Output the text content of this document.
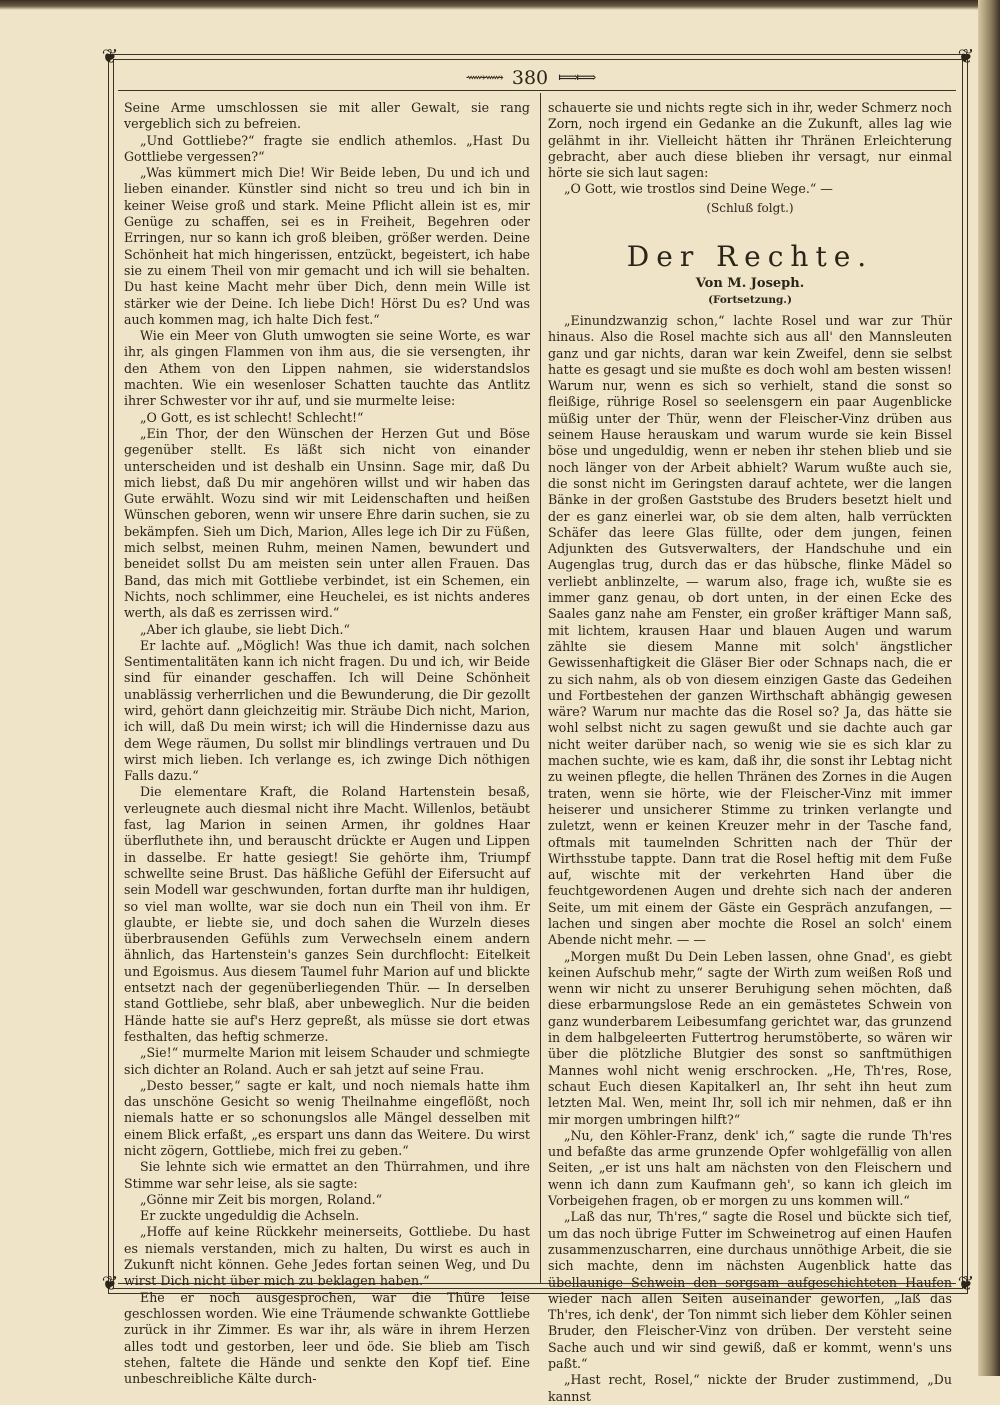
❦	❦
❦	❦
⟿⟿ 380 ⟾⟾

Seine Arme umschlossen sie mit aller Gewalt, sie rang vergeblich sich zu befreien.

„Und Gottliebe?“ fragte sie endlich athemlos. „Hast Du Gottliebe vergessen?“

„Was kümmert mich Die! Wir Beide leben, Du und ich und lieben einander. Künstler sind nicht so treu und ich bin in keiner Weise groß und stark. Meine Pflicht allein ist es, mir Genüge zu schaffen, sei es in Freiheit, Begehren oder Erringen, nur so kann ich groß bleiben, größer werden. Deine Schönheit hat mich hingerissen, entzückt, begeistert, ich habe sie zu einem Theil von mir gemacht und ich will sie behalten. Du hast keine Macht mehr über Dich, denn mein Wille ist stärker wie der Deine. Ich liebe Dich! Hörst Du es? Und was auch kommen mag, ich halte Dich fest.“

Wie ein Meer von Gluth umwogten sie seine Worte, es war ihr, als gingen Flammen von ihm aus, die sie versengten, ihr den Athem von den Lippen nahmen, sie widerstandslos machten. Wie ein wesenloser Schatten tauchte das Antlitz ihrer Schwester vor ihr auf, und sie murmelte leise:

„O Gott, es ist schlecht! Schlecht!“

„Ein Thor, der den Wünschen der Herzen Gut und Böse gegenüber stellt. Es läßt sich nicht von einander unterscheiden und ist deshalb ein Unsinn. Sage mir, daß Du mich liebst, daß Du mir angehören willst und wir haben das Gute erwählt. Wozu sind wir mit Leidenschaften und heißen Wünschen geboren, wenn wir unsere Ehre darin suchen, sie zu bekämpfen. Sieh um Dich, Marion, Alles lege ich Dir zu Füßen, mich selbst, meinen Ruhm, meinen Namen, bewundert und beneidet sollst Du am meisten sein unter allen Frauen. Das Band, das mich mit Gottliebe verbindet, ist ein Schemen, ein Nichts, noch schlimmer, eine Heuchelei, es ist nichts anderes werth, als daß es zerrissen wird.“

„Aber ich glaube, sie liebt Dich.“

Er lachte auf. „Möglich! Was thue ich damit, nach solchen Sentimentalitäten kann ich nicht fragen. Du und ich, wir Beide sind für einander geschaffen. Ich will Deine Schönheit unablässig verherrlichen und die Bewunderung, die Dir gezollt wird, gehört dann gleichzeitig mir. Sträube Dich nicht, Marion, ich will, daß Du mein wirst; ich will die Hindernisse dazu aus dem Wege räumen, Du sollst mir blindlings vertrauen und Du wirst mich lieben. Ich verlange es, ich zwinge Dich nöthigen Falls dazu.“

Die elementare Kraft, die Roland Hartenstein besaß, verleugnete auch diesmal nicht ihre Macht. Willenlos, betäubt fast, lag Marion in seinen Armen, ihr goldnes Haar überfluthete ihn, und berauscht drückte er Augen und Lippen in dasselbe. Er hatte gesiegt! Sie gehörte ihm, Triumpf schwellte seine Brust. Das häßliche Gefühl der Eifersucht auf sein Modell war geschwunden, fortan durfte man ihr huldigen, so viel man wollte, war sie doch nun ein Theil von ihm. Er glaubte, er liebte sie, und doch sahen die Wurzeln dieses überbrausenden Gefühls zum Verwechseln einem andern ähnlich, das Hartenstein's ganzes Sein durchflocht: Eitelkeit und Egoismus. Aus diesem Taumel fuhr Marion auf und blickte entsetzt nach der gegenüberliegenden Thür. — In derselben stand Gottliebe, sehr blaß, aber unbeweglich. Nur die beiden Hände hatte sie auf's Herz gepreßt, als müsse sie dort etwas festhalten, das heftig schmerze.

„Sie!“ murmelte Marion mit leisem Schauder und schmiegte sich dichter an Roland. Auch er sah jetzt auf seine Frau.

„Desto besser,“ sagte er kalt, und noch niemals hatte ihm das unschöne Gesicht so wenig Theilnahme eingeflößt, noch niemals hatte er so schonungslos alle Mängel desselben mit einem Blick erfaßt, „es erspart uns dann das Weitere. Du wirst nicht zögern, Gottliebe, mich frei zu geben.“

Sie lehnte sich wie ermattet an den Thürrahmen, und ihre Stimme war sehr leise, als sie sagte:

„Gönne mir Zeit bis morgen, Roland.“

Er zuckte ungeduldig die Achseln.

„Hoffe auf keine Rückkehr meinerseits, Gottliebe. Du hast es niemals verstanden, mich zu halten, Du wirst es auch in Zukunft nicht können. Gehe Jedes fortan seinen Weg, und Du wirst Dich nicht über mich zu beklagen haben.“

Ehe er noch ausgesprochen, war die Thüre leise geschlossen worden. Wie eine Träumende schwankte Gottliebe zurück in ihr Zimmer. Es war ihr, als wäre in ihrem Herzen alles todt und gestorben, leer und öde. Sie blieb am Tisch stehen, faltete die Hände und senkte den Kopf tief. Eine unbeschreibliche Kälte durch-

schauerte sie und nichts regte sich in ihr, weder Schmerz noch Zorn, noch irgend ein Gedanke an die Zukunft, alles lag wie gelähmt in ihr. Vielleicht hätten ihr Thränen Erleichterung gebracht, aber auch diese blieben ihr versagt, nur einmal hörte sie sich laut sagen:

„O Gott, wie trostlos sind Deine Wege.“ —

(Schluß folgt.)
Der Rechte.
Von M. Joseph.
(Fortsetzung.)

„Einundzwanzig schon,“ lachte Rosel und war zur Thür hinaus. Also die Rosel machte sich aus all' den Mannsleuten ganz und gar nichts, daran war kein Zweifel, denn sie selbst hatte es gesagt und sie mußte es doch wohl am besten wissen! Warum nur, wenn es sich so verhielt, stand die sonst so fleißige, rührige Rosel so seelensgern ein paar Augenblicke müßig unter der Thür, wenn der Fleischer-Vinz drüben aus seinem Hause herauskam und warum wurde sie kein Bissel böse und ungeduldig, wenn er neben ihr stehen blieb und sie noch länger von der Arbeit abhielt? Warum wußte auch sie, die sonst nicht im Geringsten darauf achtete, wer die langen Bänke in der großen Gaststube des Bruders besetzt hielt und der es ganz einerlei war, ob sie dem alten, halb verrückten Schäfer das leere Glas füllte, oder dem jungen, feinen Adjunkten des Gutsverwalters, der Handschuhe und ein Augenglas trug, durch das er das hübsche, flinke Mädel so verliebt anblinzelte, — warum also, frage ich, wußte sie es immer ganz genau, ob dort unten, in der einen Ecke des Saales ganz nahe am Fenster, ein großer kräftiger Mann saß, mit lichtem, krausen Haar und blauen Augen und warum zählte sie diesem Manne mit solch' ängstlicher Gewissenhaftigkeit die Gläser Bier oder Schnaps nach, die er zu sich nahm, als ob von diesem einzigen Gaste das Gedeihen und Fortbestehen der ganzen Wirthschaft abhängig gewesen wäre? Warum nur machte das die Rosel so? Ja, das hätte sie wohl selbst nicht zu sagen gewußt und sie dachte auch gar nicht weiter darüber nach, so wenig wie sie es sich klar zu machen suchte, wie es kam, daß ihr, die sonst ihr Lebtag nicht zu weinen pflegte, die hellen Thränen des Zornes in die Augen traten, wenn sie hörte, wie der Fleischer-Vinz mit immer heiserer und unsicherer Stimme zu trinken verlangte und zuletzt, wenn er keinen Kreuzer mehr in der Tasche fand, oftmals mit taumelnden Schritten nach der Thür der Wirthsstube tappte. Dann trat die Rosel heftig mit dem Fuße auf, wischte mit der verkehrten Hand über die feuchtgewordenen Augen und drehte sich nach der anderen Seite, um mit einem der Gäste ein Gespräch anzufangen, — lachen und singen aber mochte die Rosel an solch' einem Abende nicht mehr. — —

„Morgen mußt Du Dein Leben lassen, ohne Gnad', es giebt keinen Aufschub mehr,“ sagte der Wirth zum weißen Roß und wenn wir nicht zu unserer Beruhigung sehen möchten, daß diese erbarmungslose Rede an ein gemästetes Schwein von ganz wunderbarem Leibesumfang gerichtet war, das grunzend in dem halbgeleerten Futtertrog herumstöberte, so wären wir über die plötzliche Blutgier des sonst so sanftmüthigen Mannes wohl nicht wenig erschrocken. „He, Th'res, Rose, schaut Euch diesen Kapitalkerl an, Ihr seht ihn heut zum letzten Mal. Wen, meint Ihr, soll ich mir nehmen, daß er ihn mir morgen umbringen hilft?“

„Nu, den Köhler-Franz, denk' ich,“ sagte die runde Th'res und befaßte das arme grunzende Opfer wohlgefällig von allen Seiten, „er ist uns halt am nächsten von den Fleischern und wenn ich dann zum Kaufmann geh', so kann ich gleich im Vorbeigehen fragen, ob er morgen zu uns kommen will.“

„Laß das nur, Th'res,“ sagte die Rosel und bückte sich tief, um das noch übrige Futter im Schweinetrog auf einen Haufen zusammenzuscharren, eine durchaus unnöthige Arbeit, die sie sich machte, denn im nächsten Augenblick hatte das übellaunige Schwein den sorgsam aufgeschichteten Haufen wieder nach allen Seiten auseinander geworfen, „laß das Th'res, ich denk', der Ton nimmt sich lieber dem Köhler seinen Bruder, den Fleischer-Vinz von drüben. Der versteht seine Sache auch und wir sind gewiß, daß er kommt, wenn's uns paßt.“

„Hast recht, Rosel,“ nickte der Bruder zustimmend, „Du kannst
